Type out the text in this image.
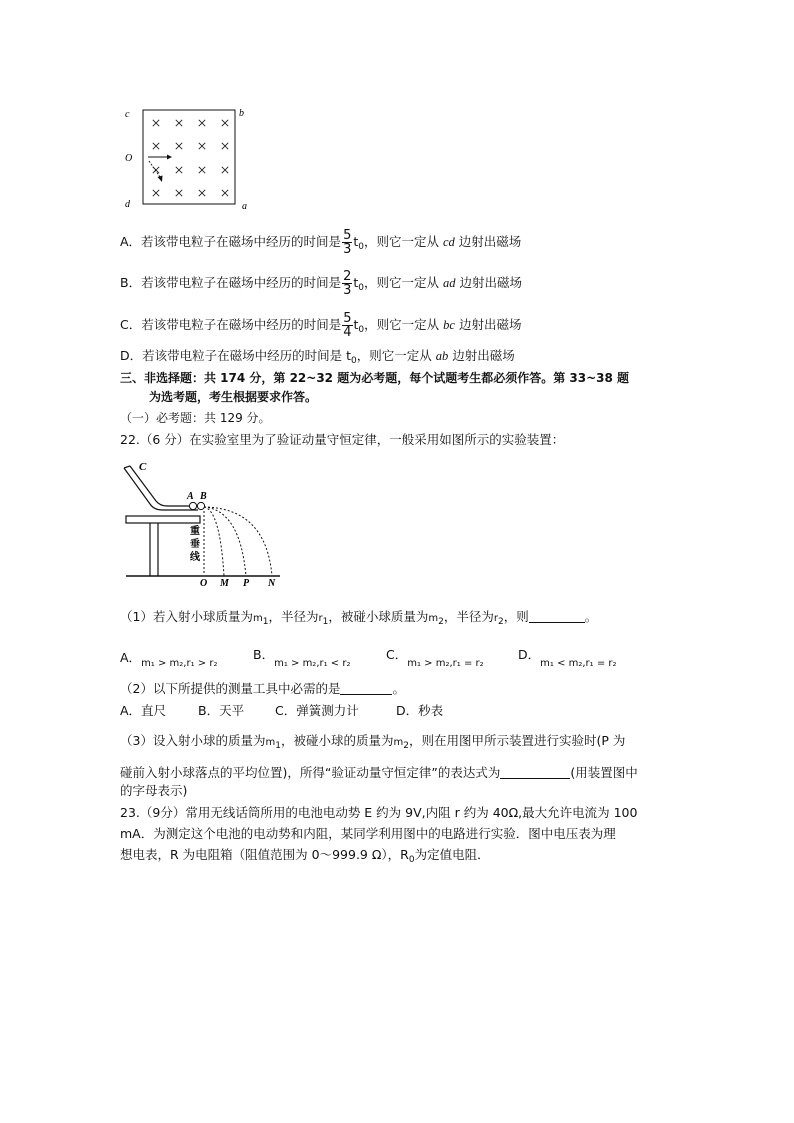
c	b
O
d	a
A．若该带电粒子在磁场中经历的时间是 $\frac{5}{3} t_0$，则它一定从 cd 边射出磁场
B．若该带电粒子在磁场中经历的时间是 $\frac{2}{3} t_0$，则它一定从 ad 边射出磁场
C．若该带电粒子在磁场中经历的时间是 $\frac{5}{4} t_0$，则它一定从 bc 边射出磁场
D．若该带电粒子在磁场中经历的时间是 $t_0$，则它一定从 ab 边射出磁场
三、非选择题：共 174 分，第 22~32 题为必考题，每个试题考生都必须作答。第 33~38 题
为选考题，考生根据要求作答。
（一）必考题：共 129 分。
22.（6 分）在实验室里为了验证动量守恒定律，一般采用如图所示的实验装置：
C
A B
重
垂
线
O M P N
（1）若入射小球质量为$m_1$，半径为$r_1$，被碰小球质量为$m_2$，半径为$r_2$，则	。
A．$_{m_1 > m_2,r_1 > r_2}$
B．$_{m_1 > m_2,r_1 < r_2}$
C．$_{m_1 > m_2,r_1 = r_2}$
D．$_{m_1 < m_2,r_1 = r_2}$
（2）以下所提供的测量工具中必需的是	。
A．直尺	B．天平 C．弹簧测力计	D．秒表
（3）设入射小球的质量为$m_1$，被碰小球的质量为$m_2$，则在用图甲所示装置进行实验时(P 为
碰前入射小球落点的平均位置)，所得“验证动量守恒定律”的表达式为	(用装置图中
的字母表示)
23.（9分）常用无线话筒所用的电池电动势 E 约为 9V,内阻 r 约为 40Ω,最大允许电流为 100
mA．为测定这个电池的电动势和内阻，某同学利用图中的电路进行实验．图中电压表为理
想电表，R 为电阻箱（阻值范围为 0～999.9 Ω），$R_0$为定值电阻．
